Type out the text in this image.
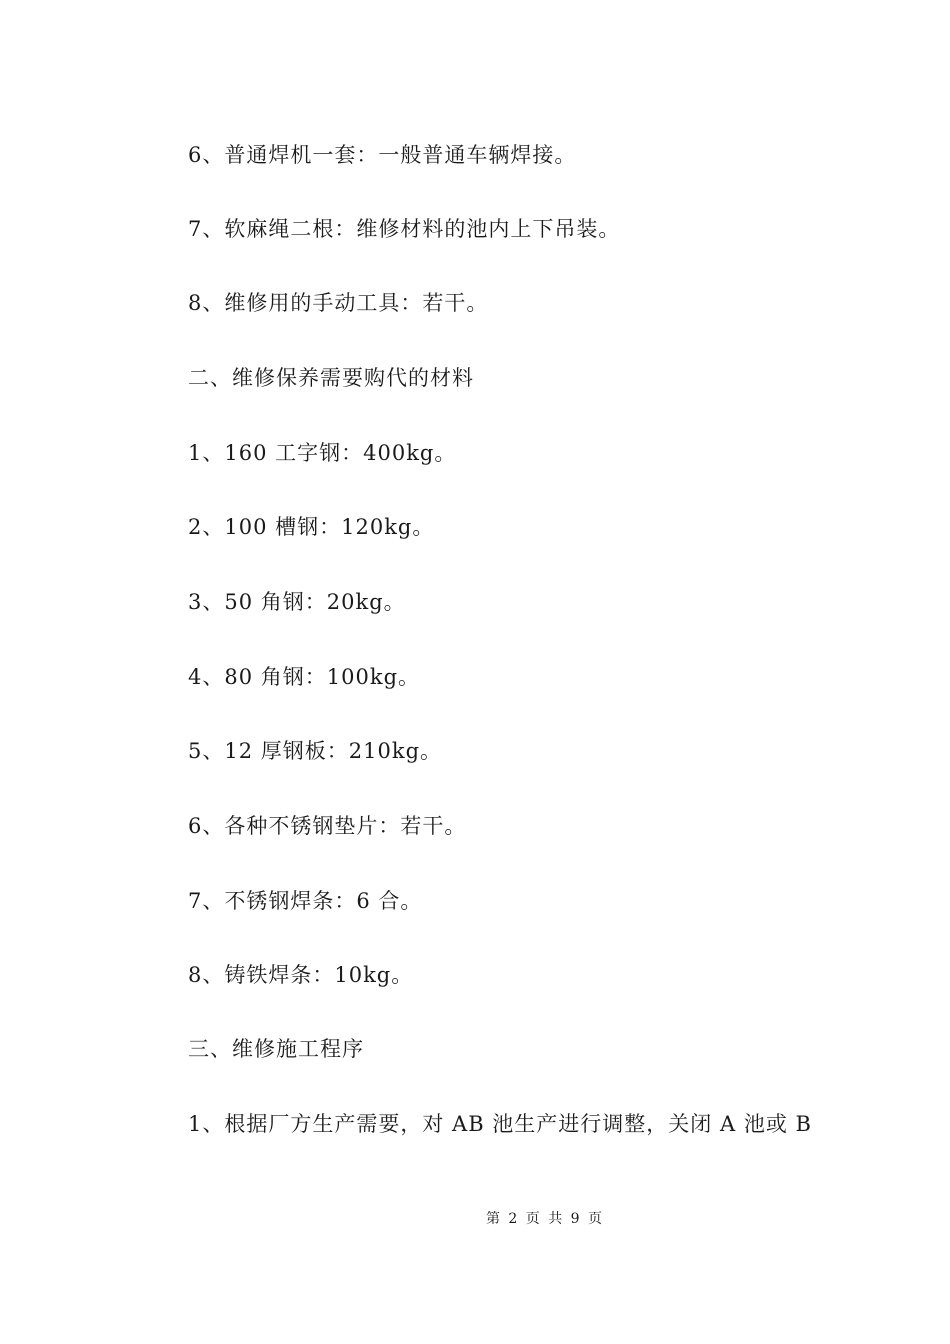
6、普通焊机一套：一般普通车辆焊接。
7、软麻绳二根：维修材料的池内上下吊装。
8、维修用的手动工具：若干。
二、维修保养需要购代的材料
1、160 工字钢：400kg。
2、100 槽钢：120kg。
3、50 角钢：20kg。
4、80 角钢：100kg。
5、12 厚钢板：210kg。
6、各种不锈钢垫片：若干。
7、不锈钢焊条：6 合。
8、铸铁焊条：10kg。
三、维修施工程序
1、根据厂方生产需要，对 AB 池生产进行调整，关闭 A 池或 B
第 2 页 共 9 页
